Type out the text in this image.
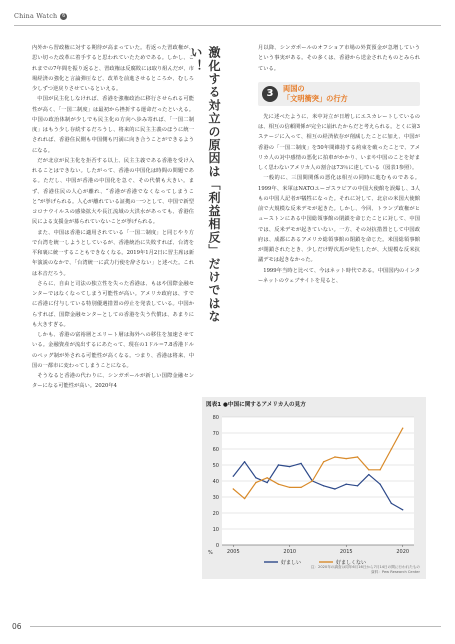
China Watch 6

内外から習政権に対する期待が高まっていた。若返った習政権が、思い切った改革に着手すると思われていたためである。しかし、これまでの7年間を振り返ると、習政権は反腐敗には取り組んだが、市場経済の強化と言論弾圧など、改革を前進させるところか、むしろ少しずつ逆戻りさせているといえる。

中国が民主化しなければ、香港を強権政治に移行させられる可能性が高く、「一国二制度」は最初から挫折する運命だったといえる。中国の政治体制が少しでも民主化の方向へ歩み寄れば、「一国二制度」はもう少し存続するだろうし、将来的に民主主義のほうに統一されれば、香港住民側も中国側も円満に向き合うことができるようになる。

だが北京が民主化を拒否する以上、民主主義である香港を受け入れることはできない。したがって、香港の中国化は時間の問題である。ただし、中国が香港の中国化を急ぐ、その代償も大きい。まず、香港住民の人心が離れ、“香港が香港でなくなってしまうこと”が挙げられる。人心が離れている証拠の一つとして、中国で新型コロナウイルスの感染拡大や長江流域の大洪水があっても、香港住民による支援金が募られていないことが挙げられる。

また、中国は香港に適用されている「一国二制度」と同じやり方で台湾を統一しようとしているが、香港統治に失敗すれば、台湾を平和裏に統一することもできなくなる。2019年1月2日に習主席は新年演説のなかで、「台湾統一に武力行使を辞さない」と述べた。これは本音だろう。

さらに、自由と司法の独立性を失った香港は、もはや国際金融センターではなくなってしまう可能性が高い。アメリカ政府は、すでに香港に付与している特別優遇措置の停止を発表している。中国からすれば、国際金融センターとしての香港を失う代償は、あまりにも大きすぎる。

しかも、香港の富裕層とエリート層は海外への移住を加速させている。金融資産が流出するにあたって、現在の1ドル＝7.8香港ドルのペッグ制が外される可能性が高くなる。つまり、香港は将来、中国の一都市に変わってしまうことになる。

そうなると香港の代わりに、シンガポールが新しい国際金融センターになる可能性が高い。2020年4

激化する対立の原因は「利益相反」だけではない！	月以降、シンガポールのオフショア市場の外貨預金が急増していうという事実がある。その多くは、香港から送金されたものとみられている。

3	両国の
「文明衝突」の行方

先に述べたように、米中対立が日増しにエスカレートしているのは、相互の信頼関係が完全に崩れたからだと考えられる。とくに第3ステージに入って、相互の経済依存が削減したことに加え、中国が香港の「一国二制度」を50年間維持する約束を破ったことで、アメリカ人の対中感情の悪化に拍車がかかり、いまや中国のことを好ましく思わないアメリカ人の割合は73％に達している（図表1参照）。

一般的に、三国間関係の悪化は相互の同時に進むものである。1999年、米軍はNATOユーゴスラビアの中国大使館を誤爆し、3人もの中国人記者が犠牲になった。それに対して、北京の米国大使館前で大規模な反米デモが起きた。しかし、今回、トランプ政権がヒューストンにある中国総領事館の閉鎖を命じたことに対して、中国では、反米デモが起きていない。一方、その対抗措置として中国政府は、成都にあるアメリカ総領事館の閉鎖を命じた。米国総領事館が閉鎖されたとき、少しだけ野次馬が発生したが、大規模な反米抗議デモは起きなかった。

1999年当時と比べて、今はネット時代である。中国国内のインターネットのウェブサイトを見ると、

図表1 ●中国に関するアメリカ人の見方
0
10
20
30
40
50
60
70
80
%	2005	2010	2015	2020
好ましい	好ましくない
注：2020年の調査は同年6月16日から7月14日の間に行われたもの
資料：Pew Research Center
06
